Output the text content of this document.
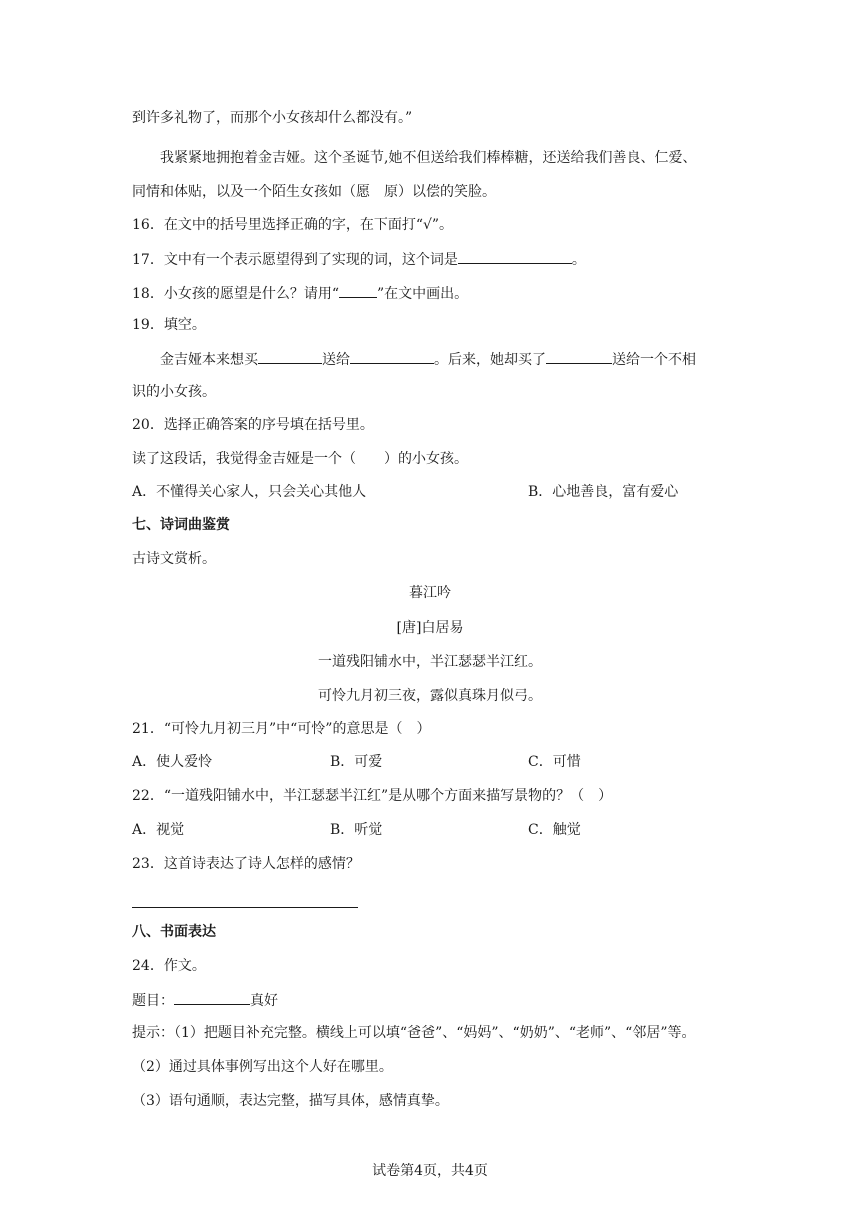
到许多礼物了，而那个小女孩却什么都没有。”
我紧紧地拥抱着金吉娅。这个圣诞节,她不但送给我们棒棒糖，还送给我们善良、仁爱、
同情和体贴，以及一个陌生女孩如（愿　原）以偿的笑脸。
16．在文中的括号里选择正确的字，在下面打“√”。
17．文中有一个表示愿望得到了实现的词，这个词是	。
18．小女孩的愿望是什么？请用“	”在文中画出。
19．填空。
金吉娅本来想买	送给	。后来，她却买了	送给一个不相
识的小女孩。
20．选择正确答案的序号填在括号里。
读了这段话，我觉得金吉娅是一个（　　）的小女孩。
A．不懂得关心家人，只会关心其他人	B．心地善良，富有爱心
七、诗词曲鉴赏
古诗文赏析。
暮江吟
[唐]白居易
一道残阳铺水中，半江瑟瑟半江红。
可怜九月初三夜，露似真珠月似弓。
21．“可怜九月初三月”中“可怜”的意思是（　）
A．使人爱怜	B．可爱	C．可惜
22．“一道残阳铺水中，半江瑟瑟半江红”是从哪个方面来描写景物的？（　）
A．视觉	B．听觉	C．触觉
23．这首诗表达了诗人怎样的感情？
八、书面表达
24．作文。
题目：	真好
提示：（1）把题目补充完整。横线上可以填“爸爸”、“妈妈”、“奶奶”、“老师”、“邻居”等。
（2）通过具体事例写出这个人好在哪里。
（3）语句通顺，表达完整，描写具体，感情真挚。
试卷第4页，共4页
